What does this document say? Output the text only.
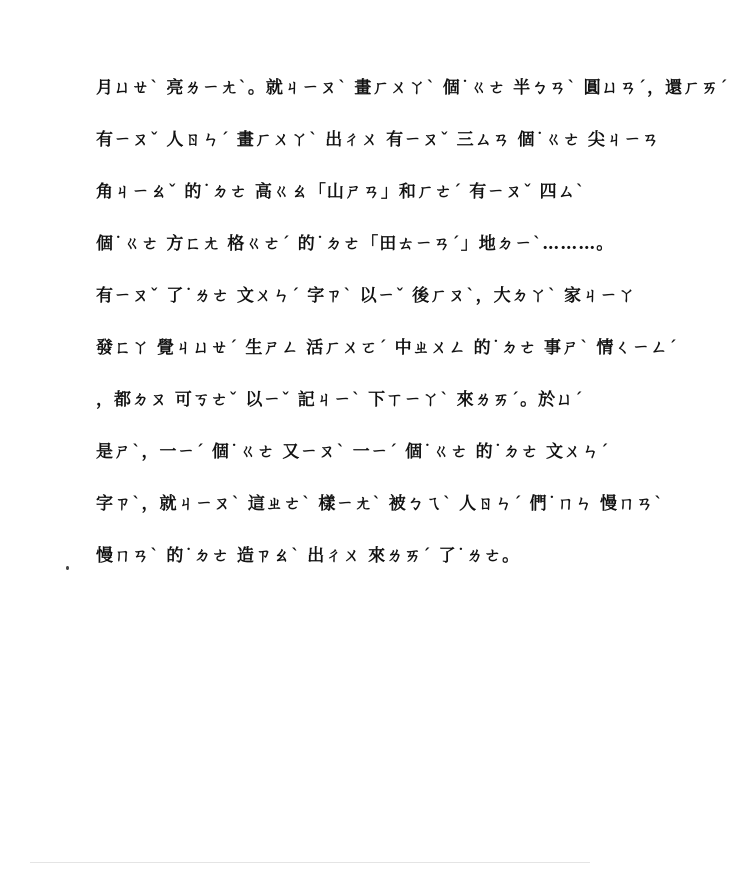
月ㄩㄝˋ 亮ㄌㄧㄤˋ。就ㄐㄧㄡˋ 畫ㄏㄨㄚˋ 個˙ㄍㄜ 半ㄅㄢˋ 圓ㄩㄢˊ，還ㄏㄞˊ
有ㄧㄡˇ 人ㄖㄣˊ 畫ㄏㄨㄚˋ 出ㄔㄨ 有ㄧㄡˇ 三ㄙㄢ 個˙ㄍㄜ 尖ㄐㄧㄢ
角ㄐㄧㄠˇ 的˙ㄉㄜ 高ㄍㄠ「山ㄕㄢ」和ㄏㄜˊ 有ㄧㄡˇ 四ㄙˋ
個˙ㄍㄜ 方ㄈㄤ 格ㄍㄜˊ 的˙ㄉㄜ「田ㄊㄧㄢˊ」地ㄉㄧˋ………。
有ㄧㄡˇ 了˙ㄌㄜ 文ㄨㄣˊ 字ㄗˋ 以ㄧˇ 後ㄏㄡˋ，大ㄉㄚˋ 家ㄐㄧㄚ
發ㄈㄚ 覺ㄐㄩㄝˊ 生ㄕㄥ 活ㄏㄨㄛˊ 中ㄓㄨㄥ 的˙ㄉㄜ 事ㄕˋ 情ㄑㄧㄥˊ
，都ㄉㄡ 可ㄎㄜˇ 以ㄧˇ 記ㄐㄧˋ 下ㄒㄧㄚˋ 來ㄌㄞˊ。於ㄩˊ
是ㄕˋ，一ㄧˊ 個˙ㄍㄜ 又ㄧㄡˋ 一ㄧˊ 個˙ㄍㄜ 的˙ㄉㄜ 文ㄨㄣˊ
字ㄗˋ，就ㄐㄧㄡˋ 這ㄓㄜˋ 樣ㄧㄤˋ 被ㄅㄟˋ 人ㄖㄣˊ 們˙ㄇㄣ 慢ㄇㄢˋ
慢ㄇㄢˋ 的˙ㄉㄜ 造ㄗㄠˋ 出ㄔㄨ 來ㄌㄞˊ 了˙ㄌㄜ。
